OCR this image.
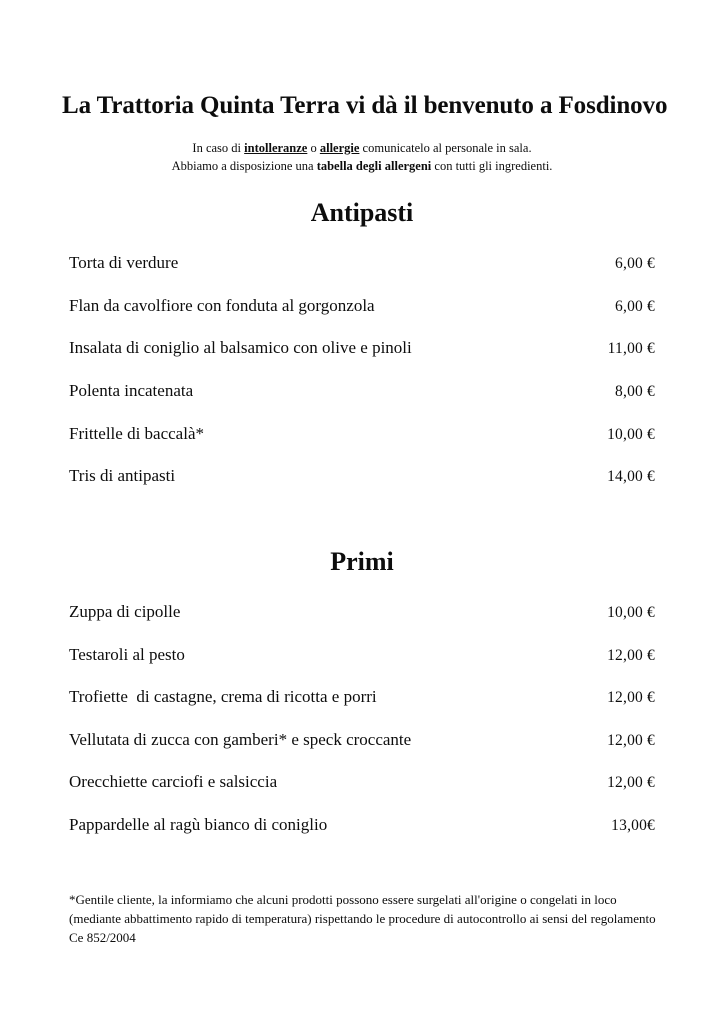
La Trattoria Quinta Terra vi dà il benvenuto a Fosdinovo
In caso di intolleranze o allergie comunicatelo al personale in sala.
Abbiamo a disposizione una tabella degli allergeni con tutti gli ingredienti.
Antipasti
Torta di verdure	6,00 €
Flan da cavolfiore con fonduta al gorgonzola	6,00 €
Insalata di coniglio al balsamico con olive e pinoli	11,00 €
Polenta incatenata	8,00 €
Frittelle di baccalà*	10,00 €
Tris di antipasti	14,00 €
Primi
Zuppa di cipolle	10,00 €
Testaroli al pesto	12,00 €
Trofiette  di castagne, crema di ricotta e porri	12,00 €
Vellutata di zucca con gamberi* e speck croccante	12,00 €
Orecchiette carciofi e salsiccia	12,00 €
Pappardelle al ragù bianco di coniglio	13,00€
*Gentile cliente, la informiamo che alcuni prodotti possono essere surgelati all'origine o congelati in loco (mediante abbattimento rapido di temperatura) rispettando le procedure di autocontrollo ai sensi del regolamento Ce 852/2004
